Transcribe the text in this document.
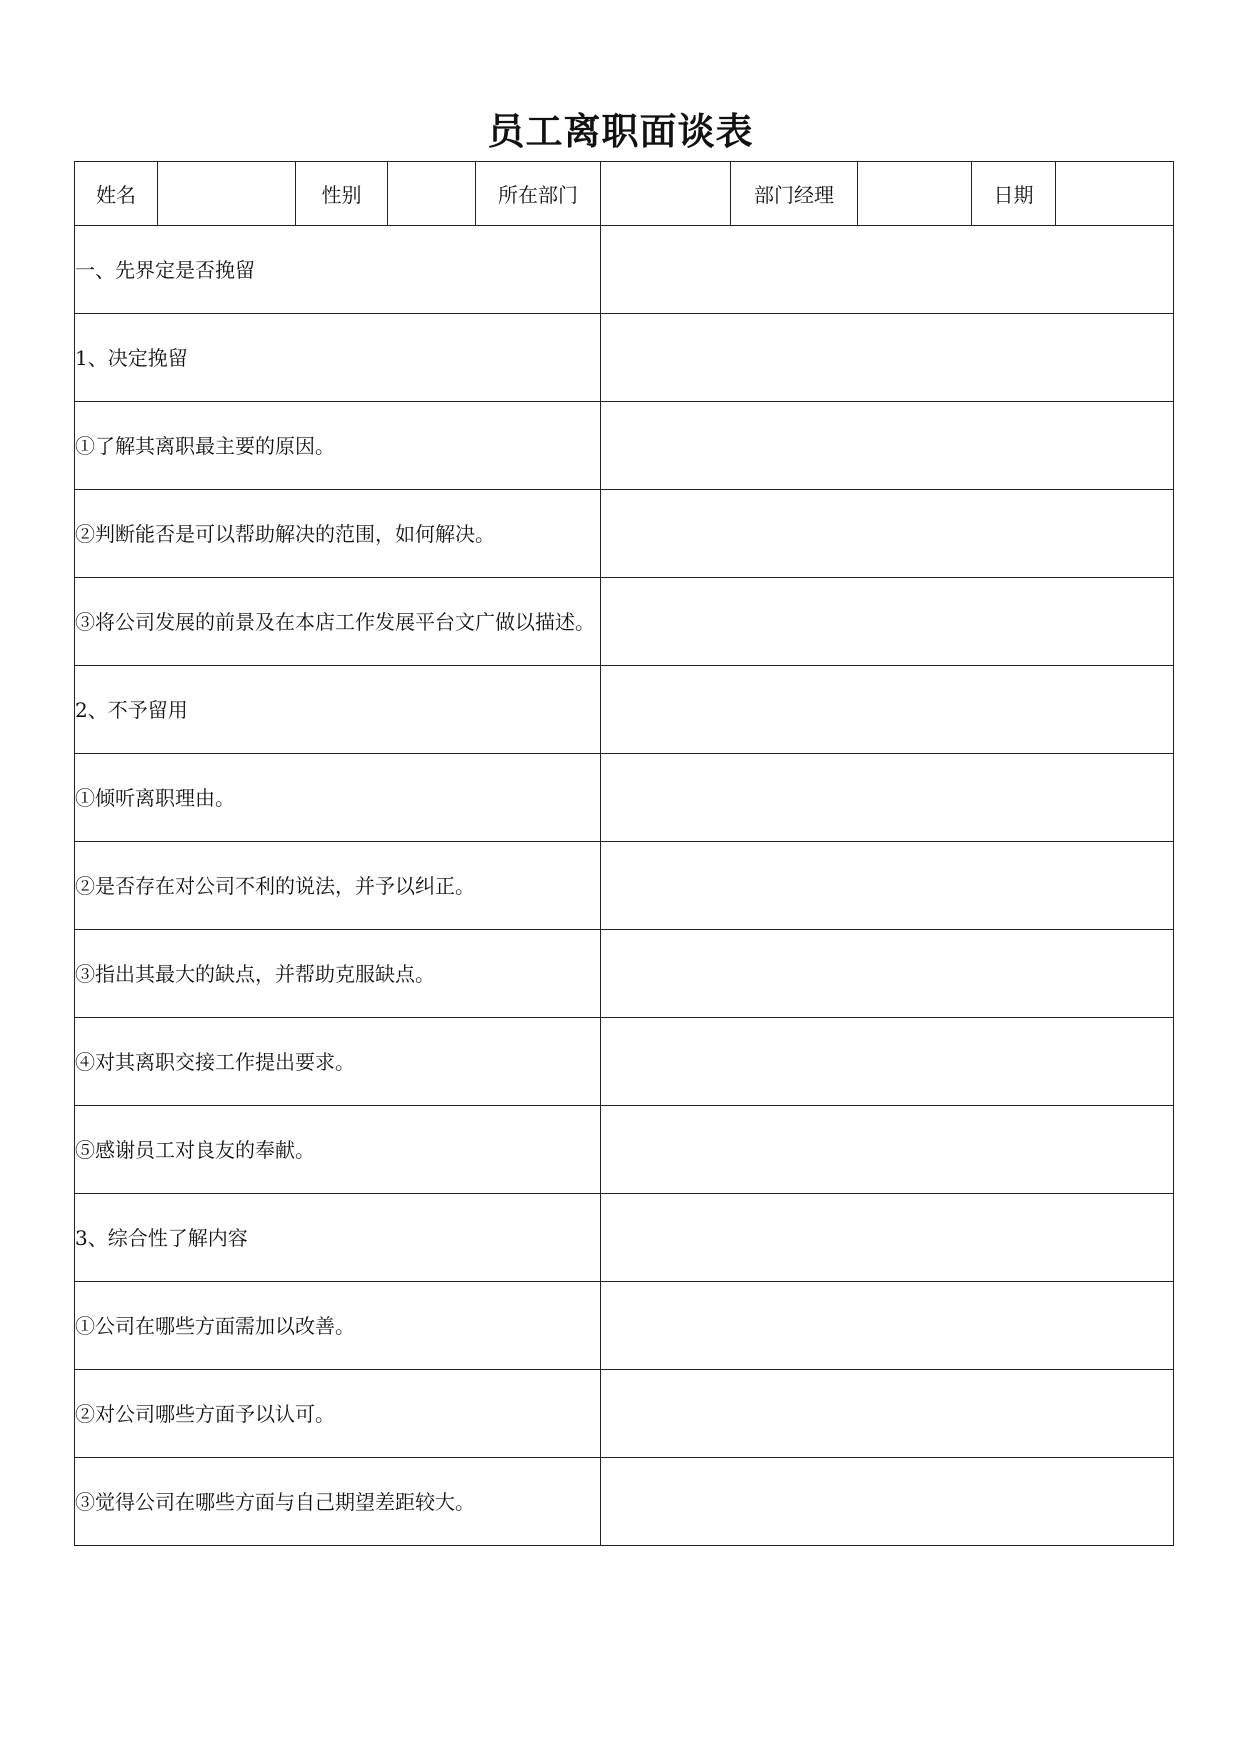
员工离职面谈表
姓名		性别		所在部门		部门经理		日期	
一、先界定是否挽留									
1、决定挽留									
①了解其离职最主要的原因。									
②判断能否是可以帮助解决的范围，如何解决。									
③将公司发展的前景及在本店工作发展平台文广做以描述。									
2、不予留用									
①倾听离职理由。									
②是否存在对公司不利的说法，并予以纠正。									
③指出其最大的缺点，并帮助克服缺点。									
④对其离职交接工作提出要求。									
⑤感谢员工对良友的奉献。									
3、综合性了解内容									
①公司在哪些方面需加以改善。									
②对公司哪些方面予以认可。									
③觉得公司在哪些方面与自己期望差距较大。									
